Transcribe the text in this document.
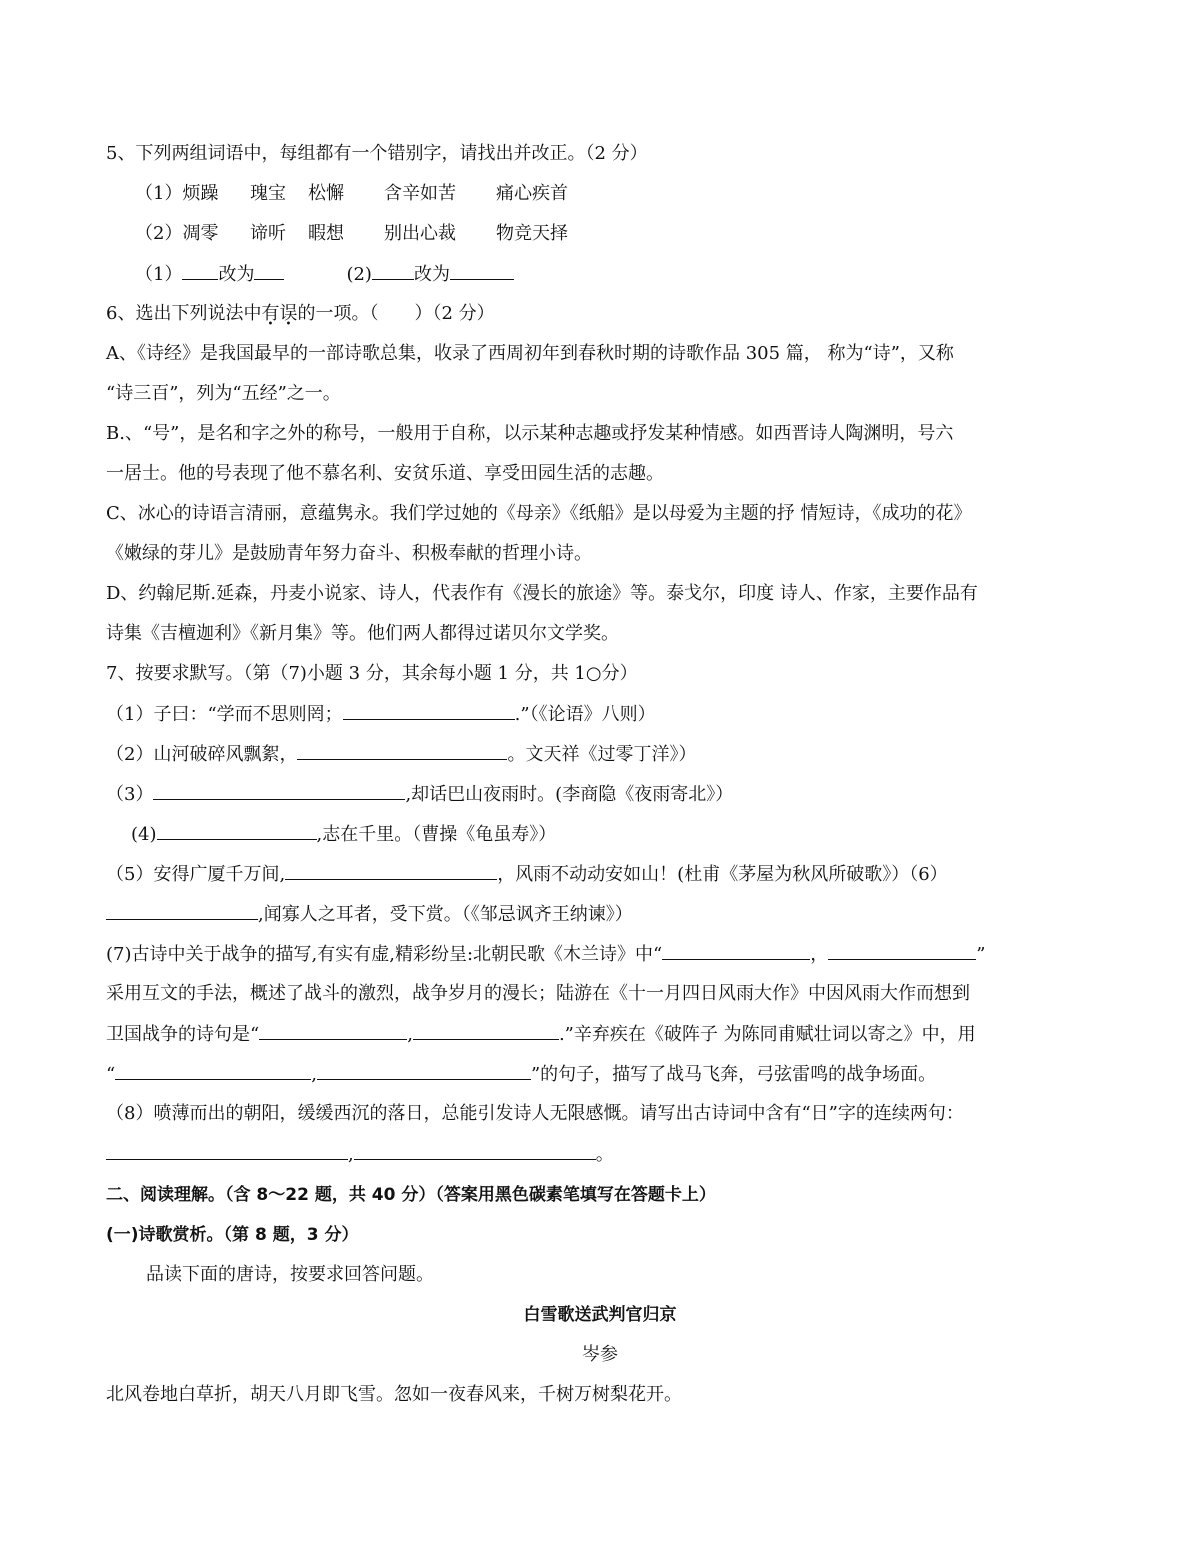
5、下列两组词语中，每组都有一个错别字，请找出并改正。（2 分）
（1）烦躁 瑰宝 松懈 含辛如苦 痛心疾首
（2）凋零 谛听 暇想 别出心裁 物竞天择
（1） 改为	(2) 改为
6、选出下列说法中有误的一项。（　　）（2 分）
A、《诗经》是我国最早的一部诗歌总集，收录了西周初年到春秋时期的诗歌作品 305 篇， 称为“诗”，又称
“诗三百”，列为“五经”之一。
B.、“号”，是名和字之外的称号，一般用于自称，以示某种志趣或抒发某种情感。如西晋诗人陶渊明，号六
一居士。他的号表现了他不慕名利、安贫乐道、享受田园生活的志趣。
C、冰心的诗语言清丽，意蕴隽永。我们学过她的《母亲》《纸船》是以母爱为主题的抒 情短诗，《成功的花》
《嫩绿的芽儿》是鼓励青年努力奋斗、积极奉献的哲理小诗。
D、约翰尼斯.延森，丹麦小说家、诗人，代表作有《漫长的旅途》等。泰戈尔，印度 诗人、作家，主要作品有
诗集《吉檀迦利》《新月集》等。他们两人都得过诺贝尔文学奖。
7、按要求默写。（第（7)小题 3 分，其余每小题 1 分，共 1○分）
（1）子曰：“学而不思则罔；	.”（《论语》八则）
（2）山河破碎风飘絮，	。文天祥《过零丁洋》）
（3）	,却话巴山夜雨时。(李商隐《夜雨寄北》）
(4)	,志在千里。（曹操《龟虽寿》）
（5）安得广厦千万间,	，风雨不动动安如山！(杜甫《茅屋为秋风所破歌》）（6）
,闻寡人之耳者，受下赏。（《邹忌讽齐王纳谏》）
(7)古诗中关于战争的描写,有实有虚,精彩纷呈:北朝民歌《木兰诗》中“	，	”
采用互文的手法，概述了战斗的激烈，战争岁月的漫长；陆游在《十一月四日风雨大作》中因风雨大作而想到
卫国战争的诗句是“	,	.”辛弃疾在《破阵子 为陈同甫赋壮词以寄之》中，用
“	,	”的句子，描写了战马飞奔，弓弦雷鸣的战争场面。
（8）喷薄而出的朝阳，缓缓西沉的落日，总能引发诗人无限感慨。请写出古诗词中含有“日”字的连续两句：
,	。
二、阅读理解。（含 8～22 题，共 40 分）（答案用黑色碳素笔填写在答题卡上）
(一)诗歌赏析。（第 8 题，3 分）
品读下面的唐诗，按要求回答问题。
白雪歌送武判官归京
岑参
北风卷地白草折，胡天八月即飞雪。忽如一夜春风来，千树万树梨花开。
